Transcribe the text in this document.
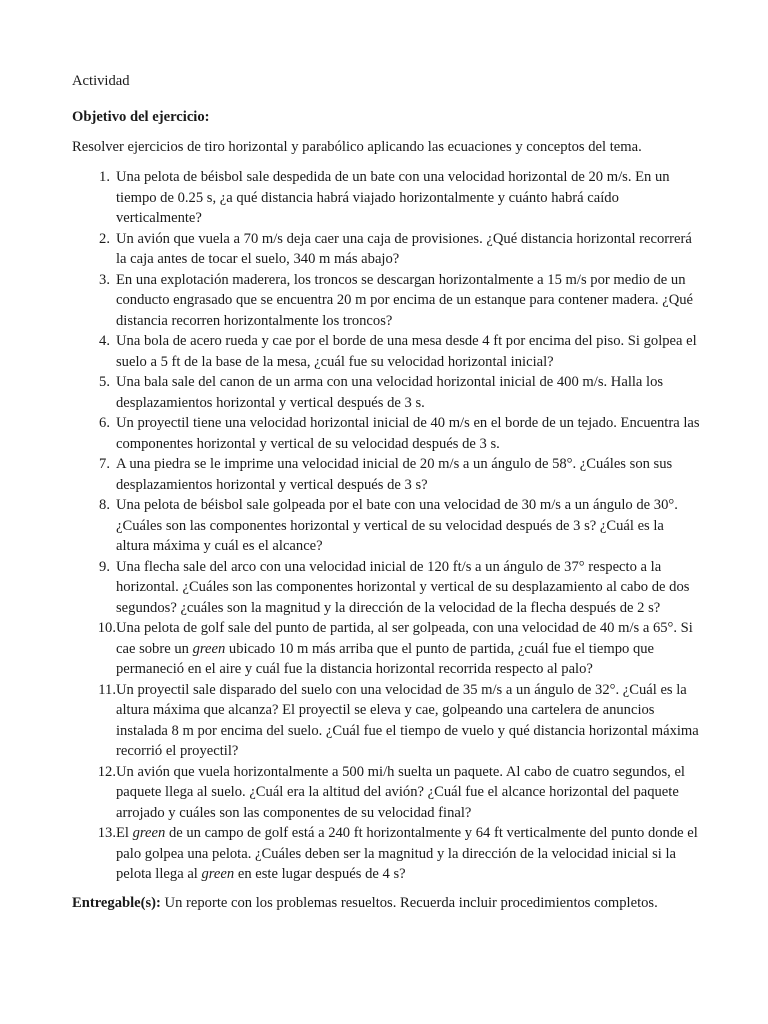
Actividad

Objetivo del ejercicio:

Resolver ejercicios de tiro horizontal y parabólico aplicando las ecuaciones y conceptos del tema.

1. Una pelota de béisbol sale despedida de un bate con una velocidad horizontal de 20 m/s. En un tiempo de 0.25 s, ¿a qué distancia habrá viajado horizontalmente y cuánto habrá caído verticalmente?
2. Un avión que vuela a 70 m/s deja caer una caja de provisiones. ¿Qué distancia horizontal recorrerá la caja antes de tocar el suelo, 340 m más abajo?
3. En una explotación maderera, los troncos se descargan horizontalmente a 15 m/s por medio de un conducto engrasado que se encuentra 20 m por encima de un estanque para contener madera. ¿Qué distancia recorren horizontalmente los troncos?
4. Una bola de acero rueda y cae por el borde de una mesa desde 4 ft por encima del piso. Si golpea el suelo a 5 ft de la base de la mesa, ¿cuál fue su velocidad horizontal inicial?
5. Una bala sale del canon de un arma con una velocidad horizontal inicial de 400 m/s. Halla los desplazamientos horizontal y vertical después de 3 s.
6. Un proyectil tiene una velocidad horizontal inicial de 40 m/s en el borde de un tejado. Encuentra las componentes horizontal y vertical de su velocidad después de 3 s.
7. A una piedra se le imprime una velocidad inicial de 20 m/s a un ángulo de 58°. ¿Cuáles son sus desplazamientos horizontal y vertical después de 3 s?
8. Una pelota de béisbol sale golpeada por el bate con una velocidad de 30 m/s a un ángulo de 30°. ¿Cuáles son las componentes horizontal y vertical de su velocidad después de 3 s? ¿Cuál es la altura máxima y cuál es el alcance?
9. Una flecha sale del arco con una velocidad inicial de 120 ft/s a un ángulo de 37° respecto a la horizontal. ¿Cuáles son las componentes horizontal y vertical de su desplazamiento al cabo de dos segundos? ¿cuáles son la magnitud y la dirección de la velocidad de la flecha después de 2 s?
10. Una pelota de golf sale del punto de partida, al ser golpeada, con una velocidad de 40 m/s a 65°. Si cae sobre un green ubicado 10 m más arriba que el punto de partida, ¿cuál fue el tiempo que permaneció en el aire y cuál fue la distancia horizontal recorrida respecto al palo?
11. Un proyectil sale disparado del suelo con una velocidad de 35 m/s a un ángulo de 32°. ¿Cuál es la altura máxima que alcanza? El proyectil se eleva y cae, golpeando una cartelera de anuncios instalada 8 m por encima del suelo. ¿Cuál fue el tiempo de vuelo y qué distancia horizontal máxima recorrió el proyectil?
12. Un avión que vuela horizontalmente a 500 mi/h suelta un paquete. Al cabo de cuatro segundos, el paquete llega al suelo. ¿Cuál era la altitud del avión? ¿Cuál fue el alcance horizontal del paquete arrojado y cuáles son las componentes de su velocidad final?
13. El green de un campo de golf está a 240 ft horizontalmente y 64 ft verticalmente del punto donde el palo golpea una pelota. ¿Cuáles deben ser la magnitud y la dirección de la velocidad inicial si la pelota llega al green en este lugar después de 4 s?

Entregable(s): Un reporte con los problemas resueltos. Recuerda incluir procedimientos completos.
